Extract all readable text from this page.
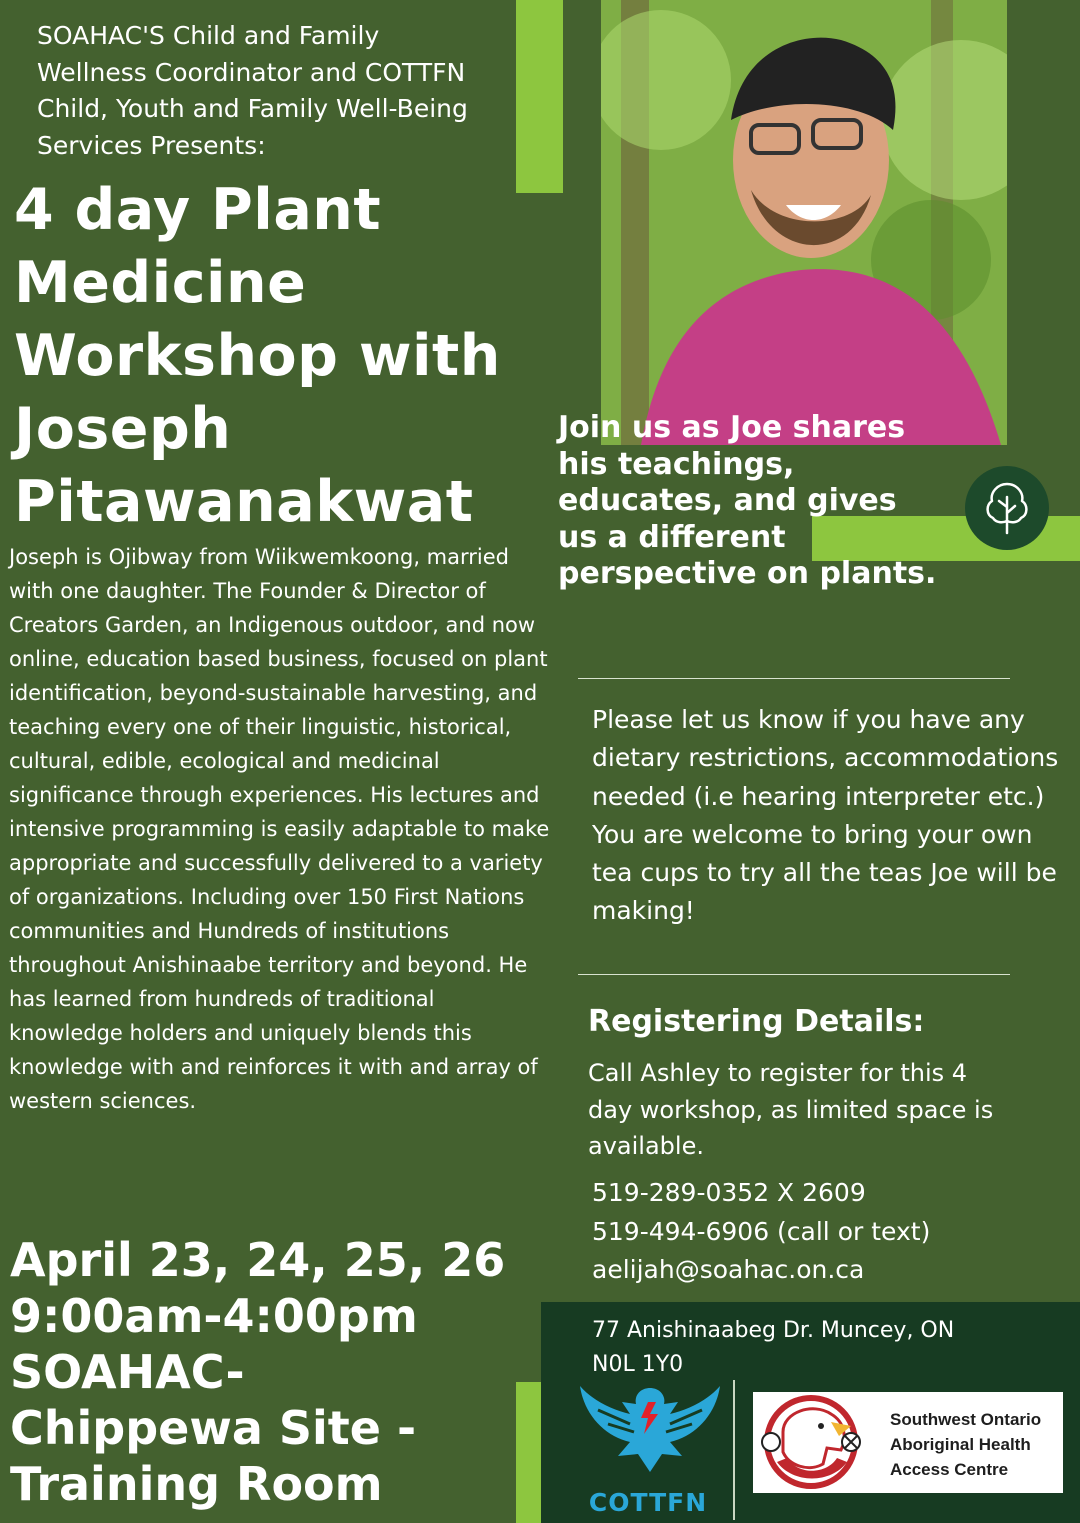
SOAHAC'S Child and Family
Wellness Coordinator and COTTFN
Child, Youth and Family Well-Being
Services Presents:
4 day Plant
Medicine
Workshop with
Joseph
Pitawanakwat
Joseph is Ojibway from Wiikwemkoong, married with one daughter. The Founder & Director of Creators Garden, an Indigenous outdoor, and now online, education based business, focused on plant identification, beyond-sustainable harvesting, and teaching every one of their linguistic, historical, cultural, edible, ecological and medicinal significance through experiences. His lectures and intensive programming is easily adaptable to make appropriate and successfully delivered to a variety of organizations. Including over 150 First Nations communities and Hundreds of institutions throughout Anishinaabe territory and beyond. He has learned from hundreds of traditional knowledge holders and uniquely blends this knowledge with and reinforces it with and array of western sciences.
April 23, 24, 25, 26
9:00am-4:00pm
SOAHAC-
Chippewa Site -
Training Room
Join us as Joe shares his teachings, educates, and gives us a different perspective on plants.
Please let us know if you have any dietary restrictions, accommodations needed (i.e hearing interpreter etc.) You are welcome to bring your own tea cups to try all the teas Joe will be making!
Registering Details:
Call Ashley to register for this 4 day workshop, as limited space is available.
519-289-0352 X 2609
519-494-6906 (call or text)
aelijah@soahac.on.ca
77 Anishinaabeg Dr. Muncey, ON
N0L 1Y0
COTTFN
Southwest Ontario
Aboriginal Health
Access Centre
